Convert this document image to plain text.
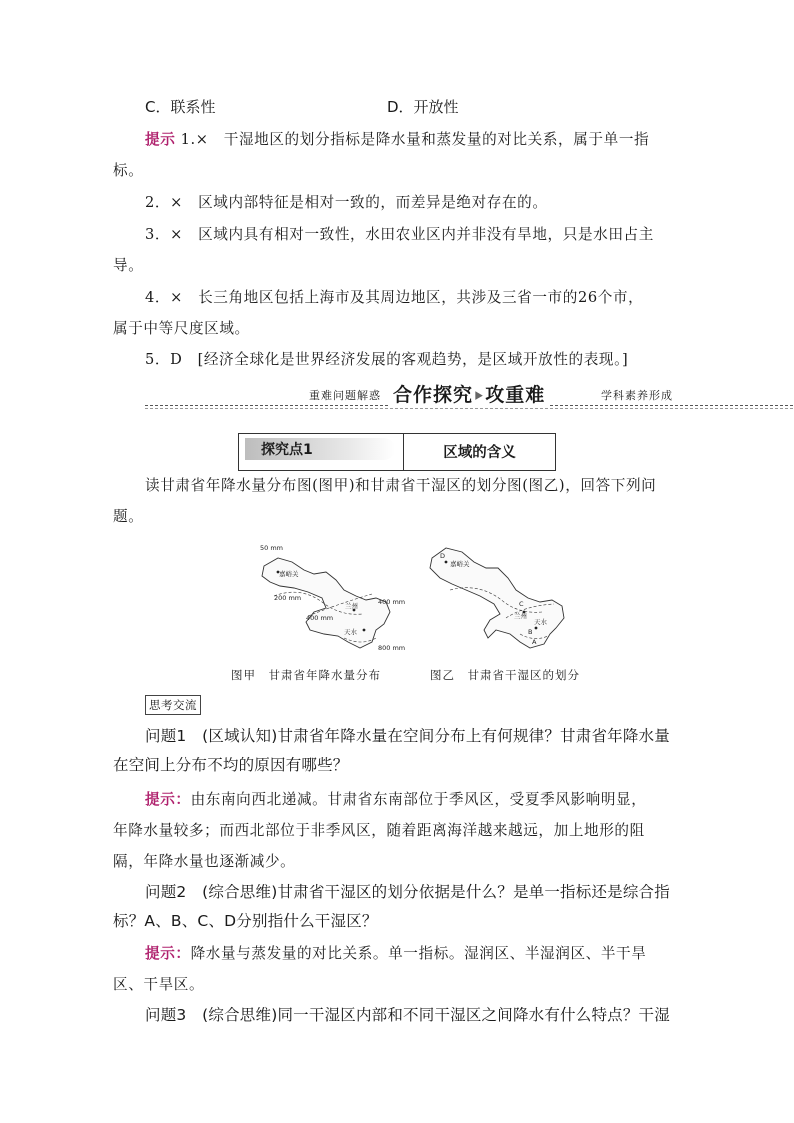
C．联系性	D．开放性
提示 1.×　干湿地区的划分指标是降水量和蒸发量的对比关系，属于单一指
标。
2．×　区域内部特征是相对一致的，而差异是绝对存在的。
3．×　区域内具有相对一致性，水田农业区内并非没有旱地，只是水田占主
导。
4．×　长三角地区包括上海市及其周边地区，共涉及三省一市的26个市，
属于中等尺度区域。
5．D　[经济全球化是世界经济发展的客观趋势，是区域开放性的表现。]
重难问题解惑 合作探究⯈攻重难	学科素养形成
探究点1	区域的含义
读甘肃省年降水量分布图(图甲)和甘肃省干湿区的划分图(图乙)，回答下列问
题。
50 mm
嘉峪关
200 mm	400 mm
兰州
400 mm
天水
800 mm
D
嘉峪关
C
兰州
天水
B
A
图甲　甘肃省年降水量分布	图乙　甘肃省干湿区的划分
思考交流
问题1　(区域认知)甘肃省年降水量在空间分布上有何规律？甘肃省年降水量
在空间上分布不均的原因有哪些？
提示：由东南向西北递减。甘肃省东南部位于季风区，受夏季风影响明显，
年降水量较多；而西北部位于非季风区，随着距离海洋越来越远，加上地形的阻
隔，年降水量也逐渐减少。
问题2　(综合思维)甘肃省干湿区的划分依据是什么？是单一指标还是综合指
标？A、B、C、D分别指什么干湿区？
提示：降水量与蒸发量的对比关系。单一指标。湿润区、半湿润区、半干旱
区、干旱区。
问题3　(综合思维)同一干湿区内部和不同干湿区之间降水有什么特点？干湿
